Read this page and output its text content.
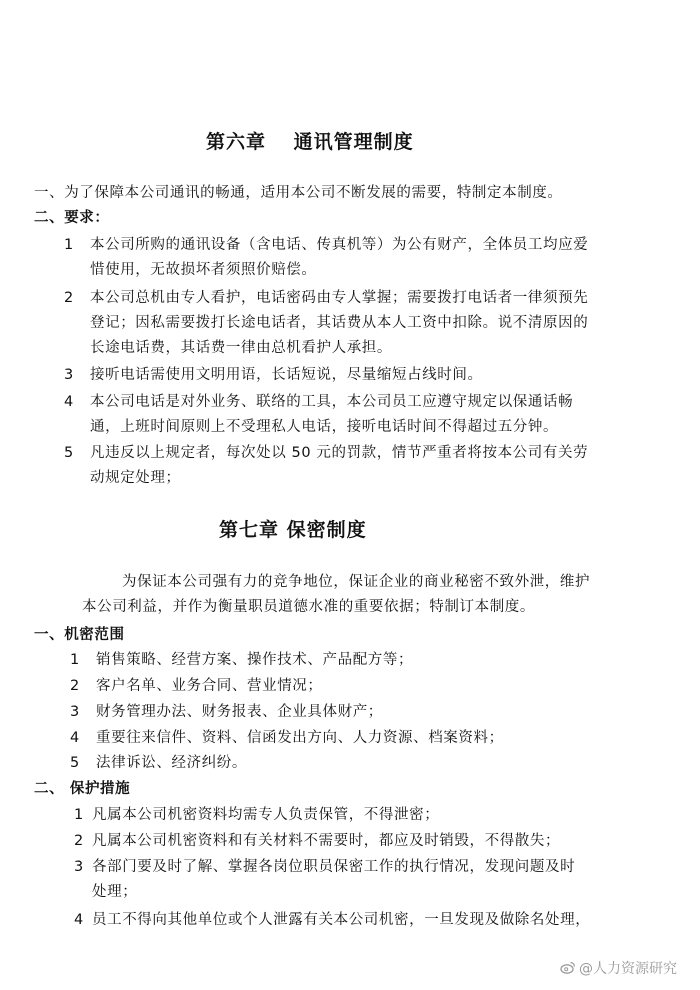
第六章　 通讯管理制度
一、为了保障本公司通讯的畅通，适用本公司不断发展的需要，特制定本制度。
二、要求：
1 本公司所购的通讯设备（含电话、传真机等）为公有财产，全体员工均应爱
惜使用，无故损坏者须照价赔偿。
2 本公司总机由专人看护，电话密码由专人掌握；需要拨打电话者一律须预先
登记；因私需要拨打长途电话者，其话费从本人工资中扣除。说不清原因的
长途电话费，其话费一律由总机看护人承担。
3 接听电话需使用文明用语，长话短说，尽量缩短占线时间。
4 本公司电话是对外业务、联络的工具，本公司员工应遵守规定以保通话畅
通，上班时间原则上不受理私人电话，接听电话时间不得超过五分钟。
5 凡违反以上规定者，每次处以 50 元的罚款，情节严重者将按本公司有关劳
动规定处理；
第七章 保密制度
为保证本公司强有力的竞争地位，保证企业的商业秘密不致外泄，维护
本公司利益，并作为衡量职员道德水准的重要依据；特制订本制度。
一、机密范围
1 销售策略、经营方案、操作技术、产品配方等；
2 客户名单、业务合同、营业情况；
3 财务管理办法、财务报表、企业具体财产；
4 重要往来信件、资料、信函发出方向、人力资源、档案资料；
5 法律诉讼、经济纠纷。
二、 保护措施
1 凡属本公司机密资料均需专人负责保管，不得泄密；
2 凡属本公司机密资料和有关材料不需要时，都应及时销毁，不得散失；
3 各部门要及时了解、掌握各岗位职员保密工作的执行情况，发现问题及时
处理；
4 员工不得向其他单位或个人泄露有关本公司机密，一旦发现及做除名处理，
@人力资源研究
